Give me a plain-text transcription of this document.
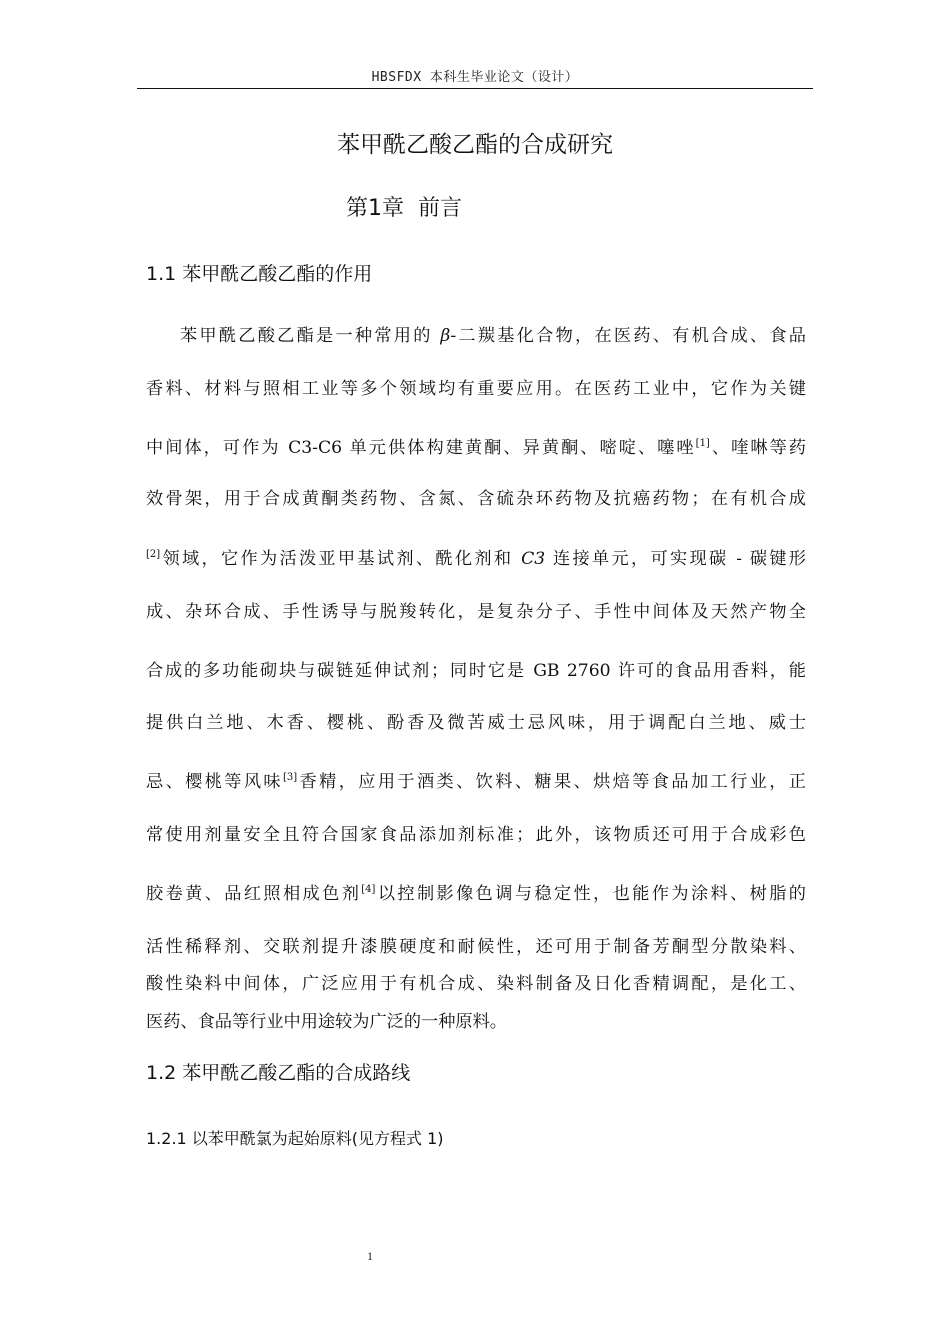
HBSFDX 本科生毕业论文（设计）
苯甲酰乙酸乙酯的合成研究
第1章 前言
1.1 苯甲酰乙酸乙酯的作用
苯甲酰乙酸乙酯是一种常用的 β-二羰基化合物，在医药、有机合成、食品
香料、材料与照相工业等多个领域均有重要应用。在医药工业中，它作为关键
中间体，可作为 C3-C6 单元供体构建黄酮、异黄酮、嘧啶、噻唑[1]、喹啉等药
效骨架，用于合成黄酮类药物、含氮、含硫杂环药物及抗癌药物；在有机合成
[2]领域，它作为活泼亚甲基试剂、酰化剂和 C3 连接单元，可实现碳 - 碳键形
成、杂环合成、手性诱导与脱羧转化，是复杂分子、手性中间体及天然产物全
合成的多功能砌块与碳链延伸试剂；同时它是 GB 2760 许可的食品用香料，能
提供白兰地、木香、樱桃、酚香及微苦威士忌风味，用于调配白兰地、威士
忌、樱桃等风味[3]香精，应用于酒类、饮料、糖果、烘焙等食品加工行业，正
常使用剂量安全且符合国家食品添加剂标准；此外，该物质还可用于合成彩色
胶卷黄、品红照相成色剂[4]以控制影像色调与稳定性，也能作为涂料、树脂的
活性稀释剂、交联剂提升漆膜硬度和耐候性，还可用于制备芳酮型分散染料、
酸性染料中间体，广泛应用于有机合成、染料制备及日化香精调配，是化工、
医药、食品等行业中用途较为广泛的一种原料。
1.2 苯甲酰乙酸乙酯的合成路线
1.2.1 以苯甲酰氯为起始原料(见方程式 1)
1
